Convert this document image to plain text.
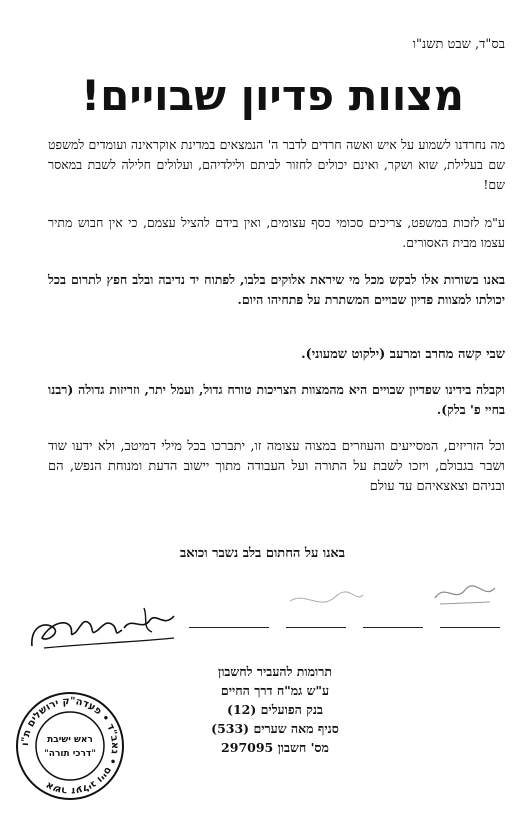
בס"ד, שבט תשנ"ו
מצוות פדיון שבויים!
מה נחרדנו לשמוע על איש ואשה חרדים לדבר ה' הנמצאים במדינת אוקראינה ועומדים למשפט שם בעלילת, שוא ושקר, ואינם יכולים לחזור לביתם ולילדיהם, ועלולים חלילה לשבת במאסר שם!
ע"מ לזכות במשפט, צריכים סכומי כסף עצומים, ואין בידם להציל עצמם, כי אין חבוש מתיר עצמו מבית האסורים.
באנו בשורות אלו לבקש מכל מי שיראת אלוקים בלבו, לפתוח יד נדיבה ובלב חפץ לתרום בכל יכולתו למצוות פדיון שבויים המשתרת על פתחיהו היום.
שבי קשה מחרב ומרעב (ילקוט שמעוני).
וקבלה בידינו שפדיון שבויים היא מהמצוות הצריכות טורח גדול, ועמל יתר, וזריזות גדולה (רבנו בחיי פ' בלק).
וכל הזריזים, המסייעים והעוזרים במצוה עצומה זו, יתברכו בכל מילי דמיטב, ולא ידעו שוד ושבר בגבולם, ויזכו לשבת על התורה ועל העבודה מתוך יישוב הדעת ומנוחת הנפש, הם ובניהם וצאצאיהם עד עולם
באנו על החתום בלב נשבר וכואב
תרומות להעביר לחשבון
ע"ש גמ"ח דרך החיים
בנק הפועלים (12)
סניף מאה שערים (533)
מס' חשבון 297095
אשר זעליג וייס • גאב"ד • פעדה"ק ירושלים ת"ו
ראש ישיבת
"דרכי תורה"
